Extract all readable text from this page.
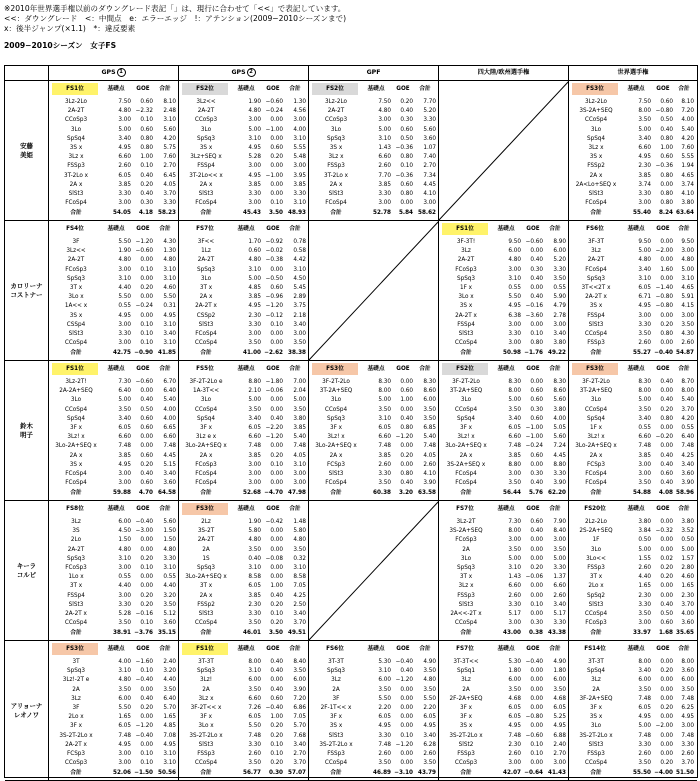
※2010年世界選手権以前のダウングレード表記「」は、現行に合わせて「<<」で表記しています。
<<：ダウングレード　<：中間点　e：エラーエッジ　!：アテンション(2009−2010シーズンまで)
x：後半ジャンプ(×1.1)　*：違反要素
2009−2010シーズン　女子FS
GPS 1	GPS 2	GPF	四大陸/欧州選手権	世界選手権
安藤
美姫
FS1位	基礎点	GOE	合計
3Lz-2Lo	7.50	0.60	8.10
2A-2T	4.80 −2.32	2.48
CCoSp3	3.00	0.10	3.10
3Lo	5.00	0.60	5.60
SpSq4	3.40	0.80	4.20
3S x	4.95	0.80	5.75
3Lz x	6.60	1.00	7.60
FSSp3	2.60	0.10	2.70
3T-2Lo x	6.05	0.40	6.45
2A x	3.85	0.20	4.05
SlSt3	3.30	0.40	3.70
FCoSp4	3.00	0.30	3.30
合計	54.05	4.18 58.23
FS2位	基礎点	GOE	合計
3Lz<<	1.90 −0.60	1.30
2A-2T	4.80 −0.24	4.56
CCoSp3	3.00	0.00	3.00
3Lo	5.00 −1.00	4.00
SpSq3	3.10	0.00	3.10
3S x	4.95	0.60	5.55
3Lz+SEQ x	5.28	0.20	5.48
FSSp4	3.00	0.00	3.00
3T-2Lo<< x	4.95 −1.00	3.95
2A x	3.85	0.00	3.85
SlSt3	3.30	0.00	3.30
FCoSp4	3.00	0.10	3.10
合計	45.43	3.50 48.93
FS2位	基礎点	GOE	合計
3Lz-2Lo	7.50	0.20	7.70
2A-2T	4.80	0.40	5.20
CCoSp3	3.00	0.30	3.30
3Lo	5.00	0.60	5.60
SpSq3	3.10	0.50	3.60
3S x	1.43 −0.36	1.07
3Lz x	6.60	0.80	7.40
FSSp3	2.60	0.10	2.70
3T-2Lo x	7.70 −0.36	7.34
2A x	3.85	0.60	4.45
SlSt3	3.30	0.80	4.10
FCoSp4	3.00	0.00	3.00
合計	52.78	5.84 58.62
FS3位	基礎点	GOE	合計
3Lz-2Lo	7.50	0.60	8.10
3S-2A+SEQ	8.00 −0.80	7.20
CCoSp4	3.50	0.50	4.00
3Lo	5.00	0.40	5.40
SpSq4	3.40	0.80	4.20
3Lz x	6.60	1.00	7.60
3S x	4.95	0.60	5.55
FSSp2	2.30 −0.36	1.94
2A x	3.85	0.80	4.65
2A<Lo+SEQ x	3.74	0.00	3.74
SlSt3	3.30	0.80	4.10
FCoSp4	3.00	0.80	3.80
合計	55.40	8.24 63.64
カロリーナ
コストナー
FS4位	基礎点	GOE	合計
3F	5.50 −1.20	4.30
3Lz<<	1.90 −0.60	1.30
2A-2T	4.80	0.00	4.80
FCoSp3	3.00	0.10	3.10
SpSq3	3.10	0.00	3.10
3T x	4.40	0.20	4.60
3Lo x	5.50	0.00	5.50
1A<< x	0.55 −0.24	0.31
3S x	4.95	0.00	4.95
CSSp4	3.00	0.10	3.10
SlSt3	3.30	0.10	3.40
CCoSp4	3.00	0.10	3.10
合計	42.75 −0.90 41.85
FS7位	基礎点	GOE	合計
3F<<	1.70 −0.92	0.78
1Lz	0.60 −0.02	0.58
2A-2T	4.80 −0.38	4.42
SpSq3	3.10	0.00	3.10
3Lo	5.00 −0.50	4.50
3T x	4.85	0.60	5.45
2A x	3.85 −0.96	2.89
2A-2T x	4.95 −1.20	3.75
CSSp2	2.30 −0.12	2.18
SlSt3	3.30	0.10	3.40
FCoSp4	3.00	0.00	3.00
CCoSp4	3.50	0.00	3.50
合計	41.00 −2.62 38.38
FS1位	基礎点	GOE	合計
3F-3T!	9.50 −0.60	8.90
3Lz	6.00	0.00	6.00
2A-2T	4.80	0.40	5.20
FCoSp3	3.00	0.30	3.30
SpSq3	3.10	0.40	3.50
1F x	0.55	0.00	0.55
3Lo x	5.50	0.40	5.90
3S x	4.95 −0.16	4.79
2A-2T x	6.38 −3.60	2.78
FSSp4	3.00	0.00	3.00
SlSt3	3.30	0.10	3.40
CCoSp4	3.00	0.80	3.80
合計	50.98 −1.76 49.22
FS6位	基礎点	GOE	合計
3F-3T	9.50	0.00	9.50
3Lz	5.00 −2.00	3.00
2A-2T	4.80	0.00	4.80
FCoSp4	3.40	1.60	5.00
SpSq3	3.10	0.00	3.10
3T<<2T x	6.05 −1.40	4.65
2A-2T x	6.71 −0.80	5.91
3S x	4.95 −0.80	4.15
FSSp4	3.00	0.00	3.00
SlSt3	3.30	0.20	3.50
CCoSp4	3.50	0.80	4.30
FSSp3	2.60	0.00	2.60
合計	55.27 −0.40 54.87
鈴木
明子
FS1位	基礎点	GOE	合計
3Lz-2T!	7.30 −0.60	6.70
2A-2A+SEQ	6.40	0.00	6.40
3Lo	5.00	0.40	5.40
CCoSp4	3.50	0.50	4.00
SpSq4	3.40	0.60	4.00
3F x	6.05	0.60	6.65
3Lz! x	6.60	0.00	6.60
3Lo-2A+SEQ x	7.48	0.00	7.48
2A x	3.85	0.60	4.45
3S x	4.95	0.20	5.15
FCoSp4	3.00	0.40	3.40
FCoSp4	3.00	0.60	3.60
合計	59.88	4.70 64.58
FS5位	基礎点	GOE	合計
3F-2T-2Lo e	8.80 −1.80	7.00
1A-3T<<	2.10 −0.06	2.04
3Lo	5.00	0.00	5.00
CCoSp4	3.50	0.00	3.50
SpSq4	3.40	0.40	3.80
3F x	6.05 −2.20	3.85
3Lz e x	6.60 −1.20	5.40
3Lo-2A+SEQ x	7.48	0.00	7.48
2A x	3.85	0.20	4.05
FCoSp3	3.00	0.10	3.10
FCoSp4	3.00	0.00	3.00
FCoSp4	3.00	0.00	3.00
合計	52.68 −4.70 47.98
FS3位	基礎点	GOE	合計
3F-2T-2Lo	8.30	0.00	8.30
3T-2A+SEQ	8.00	0.60	8.60
3Lo	5.00	1.00	6.00
CCoSp4	3.50	0.00	3.50
SpSq3	3.10	0.40	3.50
3F x	6.05	0.80	6.85
3Lz! x	6.60 −1.20	5.40
3Lo-2A+SEQ x	7.48	0.00	7.48
2A x	3.85	0.20	4.05
FCSp3	2.60	0.00	2.60
SlSt3	3.30	0.80	4.10
FCoSp4	3.50	0.40	3.90
合計	60.38	3.20 63.58
FS2位	基礎点	GOE	合計
3F-2T-2Lo	8.30	0.00	8.30
3T-2A+SEQ	8.00	0.60	8.60
3Lo	5.00	0.60	5.60
CCoSp4	3.50	0.30	3.80
SpSq4	3.40	0.60	4.00
3F x	6.05 −1.00	5.05
3Lz! x	6.60 −1.00	5.60
3Lo-2A+SEQ x	7.48 −0.24	7.24
2A x	3.85	0.60	4.45
3S-2A+SEQ x	8.80	0.00	8.80
FCoSp4	3.00	0.30	3.30
FCoSp4	3.50	0.40	3.90
合計	56.44	5.76 62.20
FS3位	基礎点	GOE	合計
3F-2T-2Lo	8.30	0.40	8.70
3T-2A+SEQ	8.00	0.00	8.00
3Lo	5.00	0.40	5.40
CCoSp4	3.50	0.20	3.70
SpSq4	3.40	0.80	4.20
1F x	0.55	0.00	0.55
3Lz! x	6.60 −0.20	6.40
3Lo-2A+SEQ x	7.48	0.00	7.48
2A x	3.85	0.40	4.25
FCSp3	3.00	0.40	3.40
FCoSp4	3.00	0.60	3.60
FCoSp4	3.50	0.40	3.90
合計	54.88	4.08 58.96
キーラ
コルピ
FS8位	基礎点	GOE	合計
3Lz	6.00 −0.40	5.60
3S	4.50 −3.00	1.50
2Lo	1.50	0.00	1.50
2A-2T	4.80	0.00	4.80
SpSq3	3.10	0.20	3.30
FCoSp3	3.00	0.10	3.10
1Lo x	0.55	0.00	0.55
3T x	4.40	0.00	4.40
FSSp4	3.00	0.20	3.20
SlSt3	3.30	0.20	3.50
2A-2T x	5.28 −0.16	5.12
CCoSp4	3.50	0.10	3.60
合計	38.91 −3.76 35.15
FS3位	基礎点	GOE	合計
2Lz	1.90 −0.42	1.48
3S-2T	5.80	0.00	5.80
2A-2T	4.80	0.00	4.80
2A	3.50	0.00	3.50
1S	0.40 −0.08	0.32
SpSq3	3.10	0.00	3.10
3Lo-2A+SEQ x	8.58	0.00	8.58
3T x	6.05	1.00	7.05
2A x	3.85	0.40	4.25
FSSp2	2.30	0.20	2.50
SlSt3	3.30	0.10	3.40
CCoSp4	3.50	0.20	3.70
合計	46.01	3.50 49.51
FS7位	基礎点	GOE	合計
3Lz-2T	7.30	0.60	7.90
3S-2A+SEQ	8.00	0.40	8.40
FCoSp3	3.00	0.00	3.00
2A	3.50	0.00	3.50
3Lo	5.00	0.00	5.00
SpSq3	3.10	0.20	3.30
3T x	1.43 −0.06	1.37
3Lz x	6.60	0.00	6.60
FSSp3	2.60	0.00	2.60
SlSt3	3.30	0.10	3.40
2A<<-2T x	5.17	0.00	5.17
CCoSp4	3.00	0.30	3.30
合計	43.00	0.38 43.38
FS20位	基礎点	GOE	合計
2Lz-2Lo	3.80	0.00	3.80
2S-2A+SEQ	3.84 −0.32	3.52
1F	0.50	0.00	0.50
3Lo	5.00	0.00	5.00
3Lo<<	1.55	0.02	1.57
FSSp3	2.60	0.20	2.80
3T x	4.40	0.20	4.60
2Lo x	1.65	0.00	1.65
SpSq2	2.30	0.00	2.30
SlSt3	3.30	0.40	3.70
CCoSp4	3.50	0.50	4.00
FCoSp3	3.00	0.60	3.60
合計	33.97	1.68 35.65
アリョーナ
レオノワ
FS3位	基礎点	GOE	合計
3T	4.00 −1.60	2.40
SpSq3	3.10	0.10	3.20
3Lz!-2T e	4.80 −0.40	4.40
2A	3.50	0.00	3.50
3Lz	6.00	0.40	6.40
3F	5.50	0.20	5.70
2Lo x	1.65	0.00	1.65
3F x	6.05 −1.20	4.85
3S-2T-2Lo x	7.48 −0.40	7.08
2A-2T x	4.95	0.00	4.95
FCSp3	3.00	0.10	3.10
CCoSp3	3.00	0.10	3.10
合計	52.06 −1.50 50.56
FS1位	基礎点	GOE	合計
3T-3T	8.00	0.40	8.40
SpSq3	3.10	0.40	3.50
3Lz!	6.00	0.00	6.00
2A	3.50	0.40	3.90
3Lz x	6.60	0.60	7.20
3F-2T<< x	7.26 −0.40	6.86
3F x	6.05	1.00	7.05
3Lo x	5.50	0.20	5.70
3S-2T-2Lo x	7.48	0.20	7.68
SlSt3	3.30	0.10	3.40
FSSp3	2.60	0.10	2.70
CCoSp4	3.50	0.20	3.70
合計	56.77	0.30 57.07
FS6位	基礎点	GOE	合計
3T-3T	5.30 −0.40	4.90
SpSq3	3.10	0.40	3.50
3Lz	6.00 −1.20	4.80
2A	3.50	0.00	3.50
3F	5.50	0.00	5.50
2F-1T<< x	2.20	0.00	2.20
3F x	6.05	0.00	6.05
3S x	4.95	0.00	4.95
SlSt3	3.30	0.10	3.40
3S-2T-2Lo x	7.48 −1.20	6.28
FSSp3	2.60	0.00	2.60
CCoSp4	3.50	0.00	3.50
合計	46.89 −3.10 43.79
FS7位	基礎点	GOE	合計
3T-3T<<	5.30 −0.40	4.90
SpSq1	1.80	0.00	1.80
3Lz	6.00	0.00	6.00
2A	3.50	0.00	3.50
2F-2A+SEQ	4.68	0.00	4.68
3F x	6.05	0.00	6.05
3F x	6.05 −0.80	5.25
3S x	4.95	0.00	4.95
3S-2T-2Lo x	7.48 −0.60	6.88
SlSt2	2.30	0.10	2.40
FSSp3	2.60	0.10	2.70
CCoSp3	3.00	0.00	3.00
合計	42.07 −0.64 41.43
FS14位	基礎点	GOE	合計
3T-3T	8.00	0.00	8.00
SpSq4	3.40	0.20	3.60
3Lz	6.00	0.00	6.00
2A	3.50	0.00	3.50
3F-2A+SEQ	7.48	0.00	7.48
3F x	6.05	0.20	6.25
3S x	4.95	0.00	4.95
3Lo	5.00 −2.00	3.00
3S-2T-2Lo x	7.48	0.00	7.48
SlSt3	3.30	0.00	3.30
FSSp3	2.60	0.00	2.60
CCoSp4	3.50	0.20	3.70
合計	55.50 −4.00 51.50
